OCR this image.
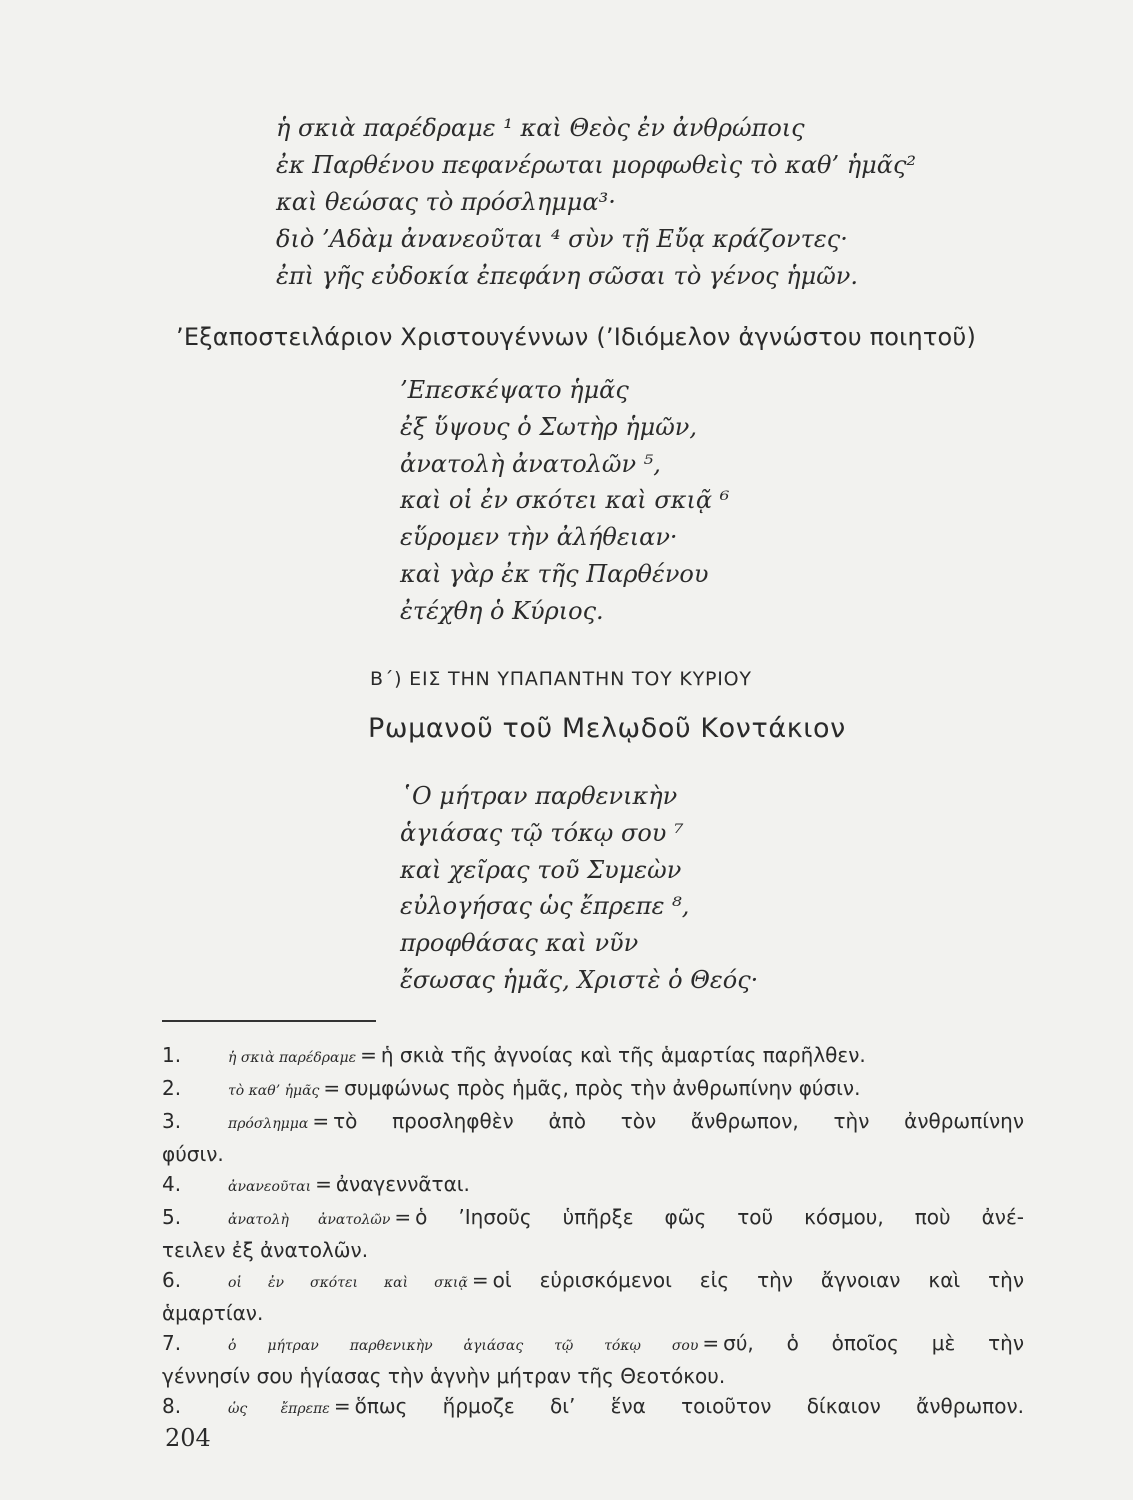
ἡ σκιὰ παρέδραμε ¹ καὶ Θεὸς ἐν ἀνθρώποις
ἐκ Παρθένου πεφανέρωται μορφωθεὶς τὸ καθ’ ἡμᾶς²
καὶ θεώσας τὸ πρόσλημμα³·
διὸ ’Αδὰμ ἀνανεοῦται ⁴ σὺν τῇ Εὔᾳ κράζοντες·
ἐπὶ γῆς εὐδοκία ἐπεφάνη σῶσαι τὸ γένος ἡμῶν.
’Εξαποστειλάριον Χριστουγέννων (’Ιδιόμελον ἀγνώστου ποιητοῦ)
’Επεσκέψατο ἡμᾶς
ἐξ ὕψους ὁ Σωτὴρ ἡμῶν,
ἀνατολὴ ἀνατολῶν ⁵,
καὶ οἱ ἐν σκότει καὶ σκιᾷ ⁶
εὕρομεν τὴν ἀλήθειαν·
καὶ γὰρ ἐκ τῆς Παρθένου
ἐτέχθη ὁ Κύριος.
Β΄) ΕΙΣ ΤΗΝ ΥΠΑΠΑΝΤΗΝ ΤΟΥ ΚΥΡΙΟΥ
Ρωμανοῦ τοῦ Μελῳδοῦ Κοντάκιον
῾Ο μήτραν παρθενικὴν
ἁγιάσας τῷ τόκῳ σου ⁷
καὶ χεῖρας τοῦ Συμεὼν
εὐλογήσας ὡς ἔπρεπε ⁸,
προφθάσας καὶ νῦν
ἔσωσας ἡμᾶς, Χριστὲ ὁ Θεός·
1.	ἡ σκιὰ παρέδραμε = ἡ σκιὰ τῆς ἀγνοίας καὶ τῆς ἁμαρτίας παρῆλθεν.
2.	τὸ καθ’ ἡμᾶς = συμφώνως πρὸς ἡμᾶς, πρὸς τὴν ἀνθρωπίνην φύσιν.
3.	πρόσλημμα = τὸ προσληφθὲν ἀπὸ τὸν ἄνθρωπον, τὴν ἀνθρωπίνην
φύσιν.
4.	ἀνανεοῦται = ἀναγεννᾶται.
5.	ἀνατολὴ ἀνατολῶν = ὁ ’Ιησοῦς ὑπῆρξε φῶς τοῦ κόσμου, ποὺ ἀνέ-
τειλεν ἐξ ἀνατολῶν.
6.	οἱ ἐν σκότει καὶ σκιᾷ = οἱ εὑρισκόμενοι εἰς τὴν ἄγνοιαν καὶ τὴν
ἁμαρτίαν.
7.	ὁ μήτραν παρθενικὴν ἁγιάσας τῷ τόκῳ σου = σύ, ὁ ὁποῖος μὲ τὴν
γέννησίν σου ἡγίασας τὴν ἁγνὴν μήτραν τῆς Θεοτόκου.
8.	ὡς ἔπρεπε = ὅπως ἥρμοζε δι’ ἕνα τοιοῦτον δίκαιον ἄνθρωπον.
204
